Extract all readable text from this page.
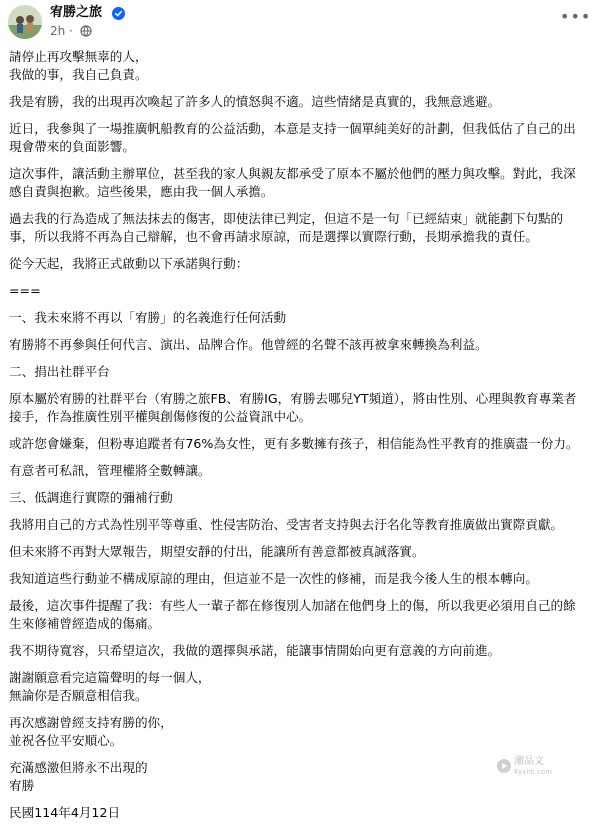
宥勝之旅
2h ·
•••

請停止再攻擊無辜的人，
我做的事，我自己負責。

我是宥勝，我的出現再次喚起了許多人的憤怒與不適。這些情緒是真實的，我無意逃避。

近日，我參與了一場推廣帆船教育的公益活動，本意是支持一個單純美好的計劃，但我低估了自己的出現會帶來的負面影響。

這次事件，讓活動主辦單位，甚至我的家人與親友都承受了原本不屬於他們的壓力與攻擊。對此，我深感自責與抱歉。這些後果，應由我一個人承擔。

過去我的行為造成了無法抹去的傷害，即使法律已判定，但這不是一句「已經結束」就能劃下句點的事，所以我將不再為自己辯解，也不會再請求原諒，而是選擇以實際行動，長期承擔我的責任。

從今天起，我將正式啟動以下承諾與行動：

===

一、我未來將不再以「宥勝」的名義進行任何活動

宥勝將不再參與任何代言、演出、品牌合作。他曾經的名聲不該再被拿來轉換為利益。

二、捐出社群平台

原本屬於宥勝的社群平台（宥勝之旅FB、宥勝IG，宥勝去哪兒YT頻道），將由性別、心理與教育專業者接手，作為推廣性別平權與創傷修復的公益資訊中心。

或許您會嫌棄，但粉專追蹤者有76%為女性，更有多數擁有孩子，相信能為性平教育的推廣盡一份力。

有意者可私訊，管理權將全數轉讓。

三、低調進行實際的彌補行動

我將用自己的方式為性別平等尊重、性侵害防治、受害者支持與去汙名化等教育推廣做出實際貢獻。

但未來將不再對大眾報告，期望安靜的付出，能讓所有善意都被真誠落實。

我知道這些行動並不構成原諒的理由，但這並不是一次性的修補，而是我今後人生的根本轉向。

最後，這次事件提醒了我：有些人一輩子都在修復別人加諸在他們身上的傷，所以我更必須用自己的餘生來修補曾經造成的傷痛。

我不期待寬容，只希望這次，我做的選擇與承諾，能讓事情開始向更有意義的方向前進。

謝謝願意看完這篇聲明的每一個人，
無論你是否願意相信我。

再次感謝曾經支持宥勝的你，
並祝各位平安順心。

充滿感激但將永不出現的
宥勝

民國114年4月12日

潮品文
Kyxhk.com
